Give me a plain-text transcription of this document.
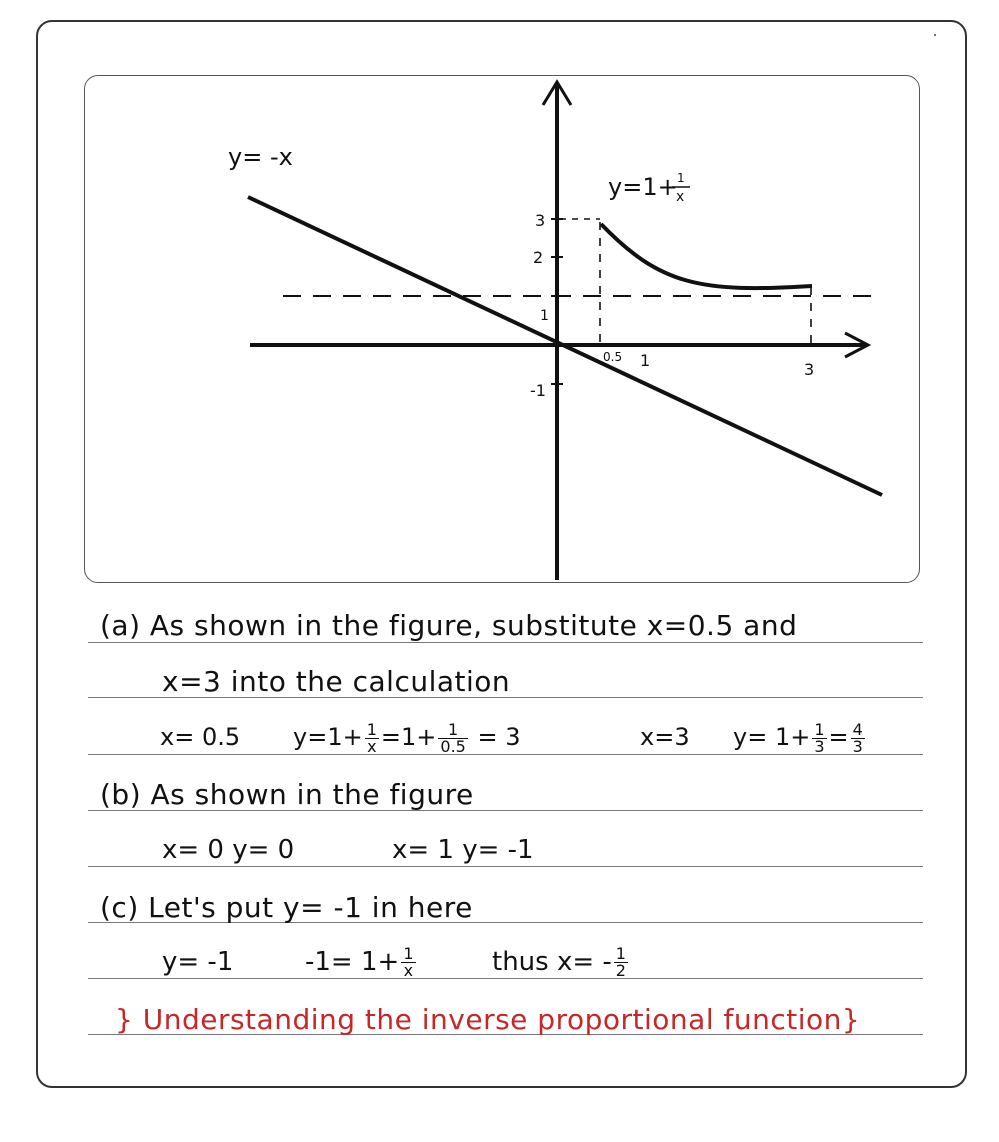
y= -x
y=1+ 1
x
3
2
1
-1
0.5 1	3
(a) As shown in the figure, substitute x=0.5 and
x=3 into the calculation
x= 0.5 $y=1+ \frac{1}{x} =1+ \frac{1}{0.5} = 3$	x=3 $y= 1+ \frac{1}{3} = \frac{4}{3}$
(b) As shown in the figure
x= 0 y= 0	x= 1 y= -1
(c) Let's put y= -1 in here
y= -1	$-1= 1+ \frac{1}{x}$	thus $x= - \frac{1}{2}$
} Understanding the inverse proportional function}
